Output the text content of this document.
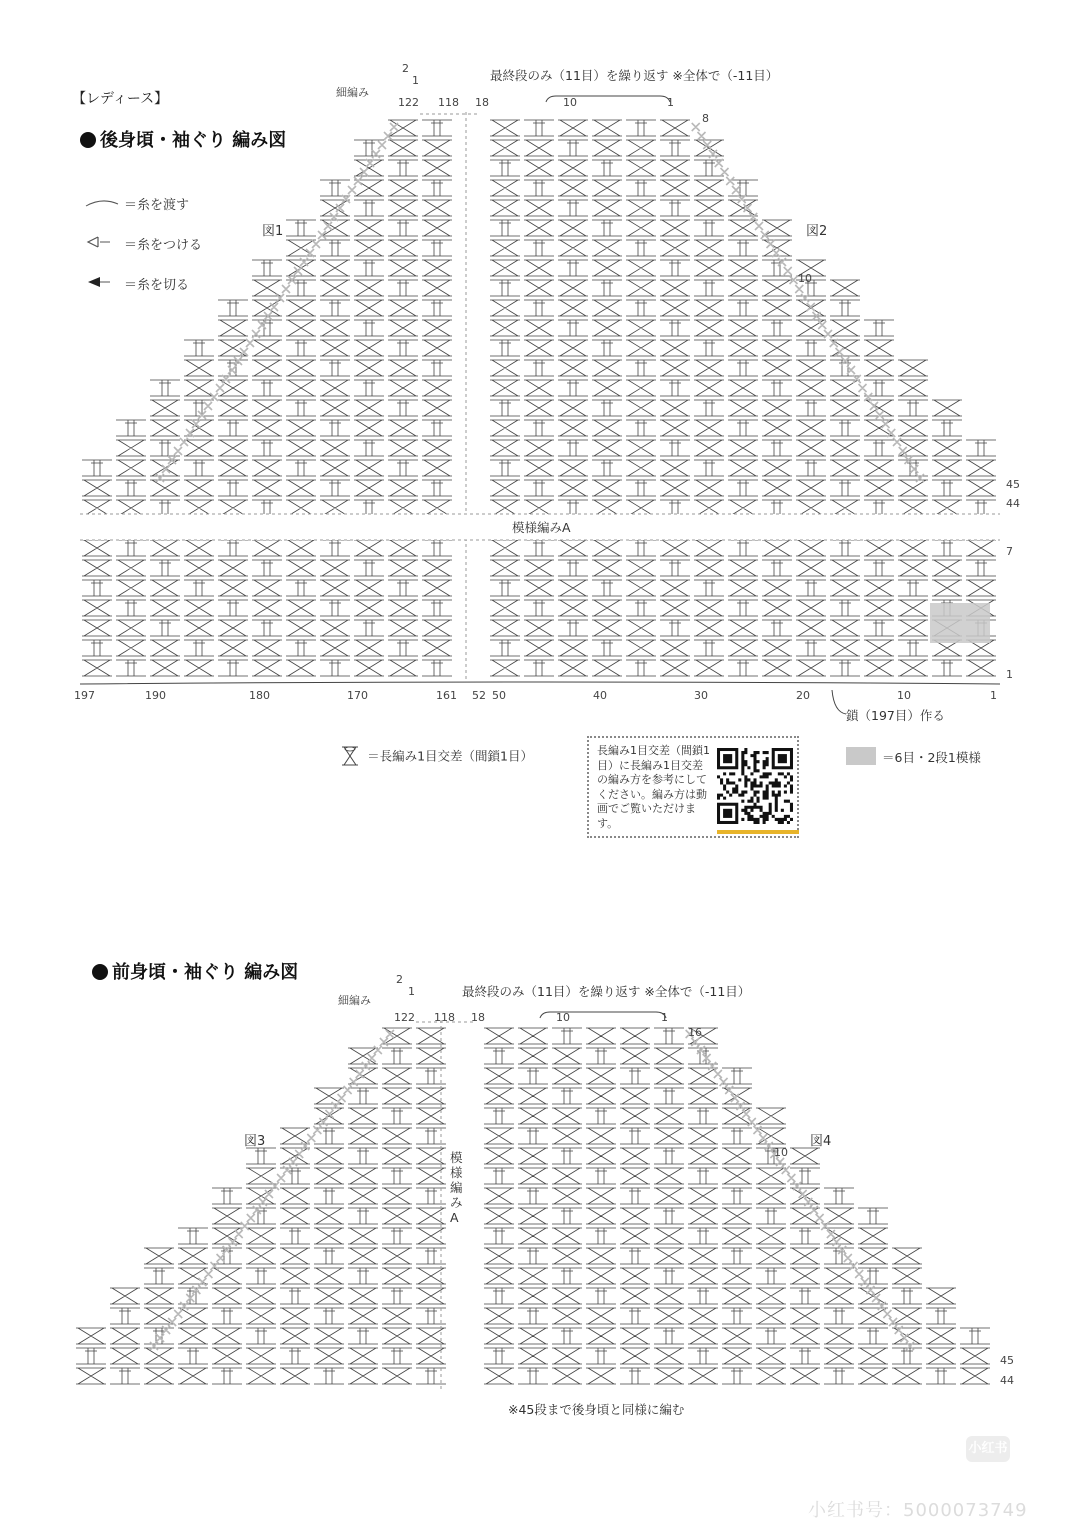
【レディース】
後身頃・袖ぐり 編み図
最終段のみ（11目）を繰り返す ※全体で（-11目）
細編み
2
1
122 118 18	10	1
8
10
図1	図2
模様編みA
45
44
7
1
197	190	180	170	161 52 50	40	30	20	10	1
鎖（197目）作る
＝糸を渡す
＝糸をつける
＝糸を切る
＝長編み1目交差（間鎖1目）	長編み1目交差（間鎖1目）に長編み1目交差の編み方を参考にしてください。編み方は動画でご覧いただけます。
＝6目・2段1模様
前身頃・袖ぐり 編み図
最終段のみ（11目）を繰り返す ※全体で（-11目）
細編み
2
1
122 118 18	10	1
16
10
図3	図4
模様編みA
45
44
※45段まで後身頃と同様に編む
小红书
小红书号：5000073749
